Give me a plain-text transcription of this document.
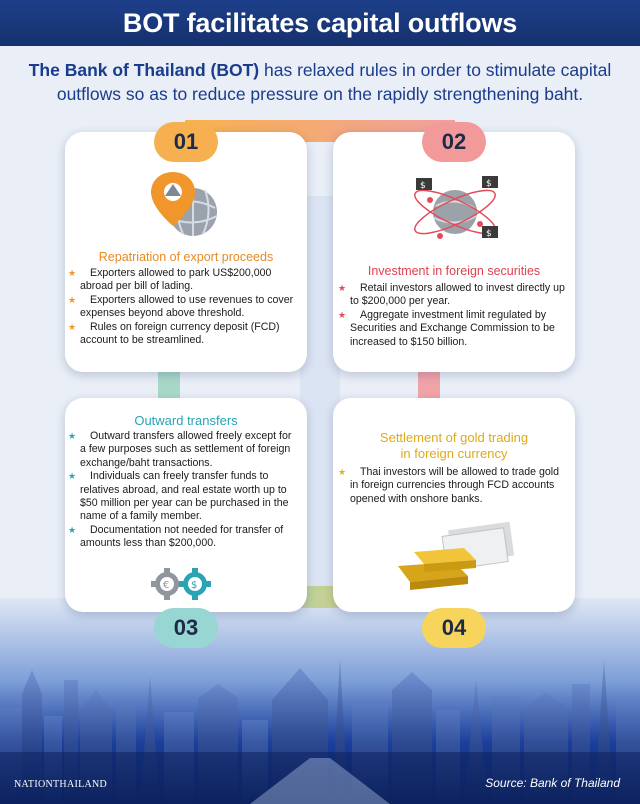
BOT facilitates capital outflows
The Bank of Thailand (BOT) has relaxed rules in order to stimulate capital outflows so as to reduce pressure on the rapidly strengthening baht.
01
Repatriation of export proceeds
★ Exporters allowed to park US$200,000 abroad per bill of lading.
★ Exporters allowed to use revenues to cover expenses beyond above threshold.
★ Rules on foreign currency deposit (FCD) account to be streamlined.
02
$	$
$
Investment in foreign securities
★ Retail investors allowed to invest directly up to $200,000 per year.
★ Aggregate investment limit regulated by Securities and Exchange Commission to be increased to $150 billion.
Outward transfers
★ Outward transfers allowed freely except for a few purposes such as settlement of foreign exchange/baht transactions.
★ Individuals can freely transfer funds to relatives abroad, and real estate worth up to $50 million per year can be purchased in the name of a family member.
★ Documentation not needed for transfer of amounts less than $200,000.
€ $
03
Settlement of gold trading
in foreign currency
★ Thai investors will be allowed to trade gold in foreign currencies through FCD accounts opened with onshore banks.
04
NATIONTHAILAND	Source: Bank of Thailand
